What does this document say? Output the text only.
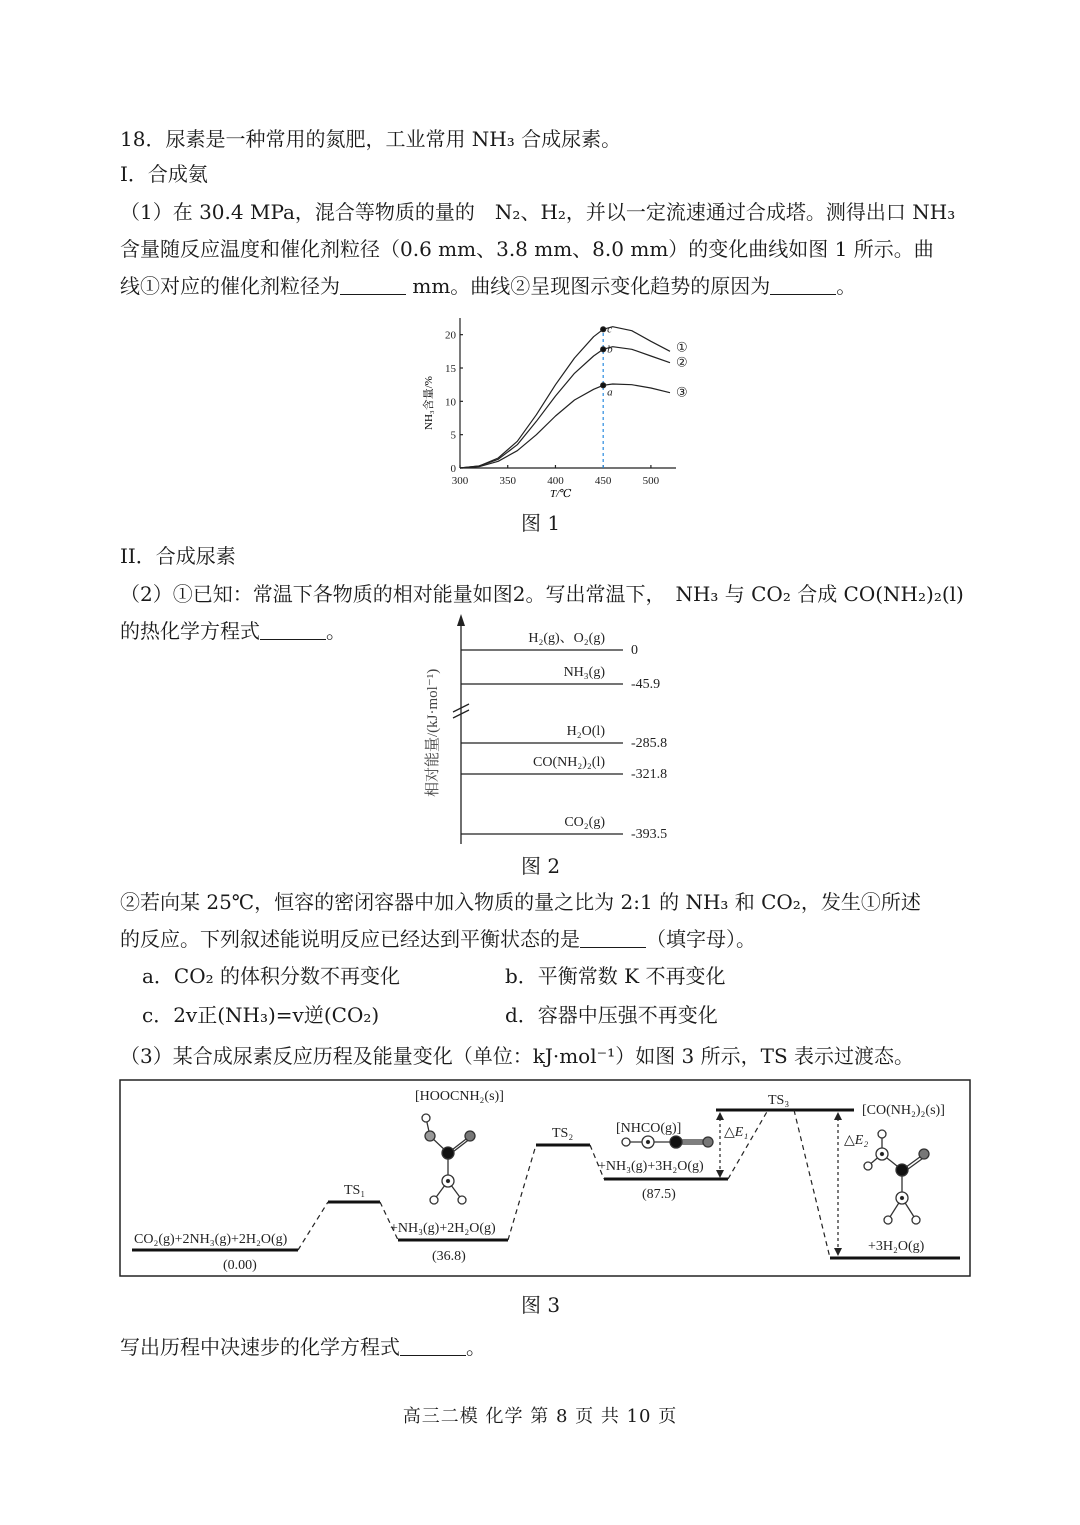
18．尿素是一种常用的氮肥，工业常用 NH₃ 合成尿素。
I．合成氨
（1）在 30.4 MPa，混合等物质的量的　N₂、H₂，并以一定流速通过合成塔。测得出口 NH₃
含量随反应温度和催化剂粒径（0.6 mm、3.8 mm、8.0 mm）的变化曲线如图 1 所示。曲
线①对应的催化剂粒径为	mm。曲线②呈现图示变化趋势的原因为	。
NH₃含量/%
T/℃
300	350	400	450	500
0
5
10
15
20
①
②
③
c
b
a
图 1
II．合成尿素
（2）①已知：常温下各物质的相对能量如图2。写出常温下，　NH₃ 与 CO₂ 合成 CO(NH₂)₂(l)
的热化学方程式	。
相对能量/(kJ·mol⁻¹)
H₂(g)、O₂(g)
0
NH₃(g)
-45.9
H₂O(l)
-285.8
CO(NH₂)₂(l)
-321.8
CO₂(g)
-393.5
图 2
②若向某 25℃，恒容的密闭容器中加入物质的量之比为 2:1 的 NH₃ 和 CO₂，发生①所述
的反应。下列叙述能说明反应已经达到平衡状态的是	（填字母）。
a．CO₂ 的体积分数不再变化	b．平衡常数 K 不再变化
c．2v正(NH₃)=v逆(CO₂)	d．容器中压强不再变化
（3）某合成尿素反应历程及能量变化（单位：kJ·mol⁻¹）如图 3 所示，TS 表示过渡态。
CO₂(g)+2NH₃(g)+2H₂O(g)
(0.00)
TS₁
[HOOCNH₂(s)]
+NH₃(g)+2H₂O(g)
(36.8)
TS₂	[NHCO(g)]
+NH₃(g)+3H₂O(g)
(87.5)
TS₃
△E₁
△E₂
[CO(NH₂)₂(s)]
+3H₂O(g)
图 3
写出历程中决速步的化学方程式	。
高三二模 化学 第 8 页 共 10 页
